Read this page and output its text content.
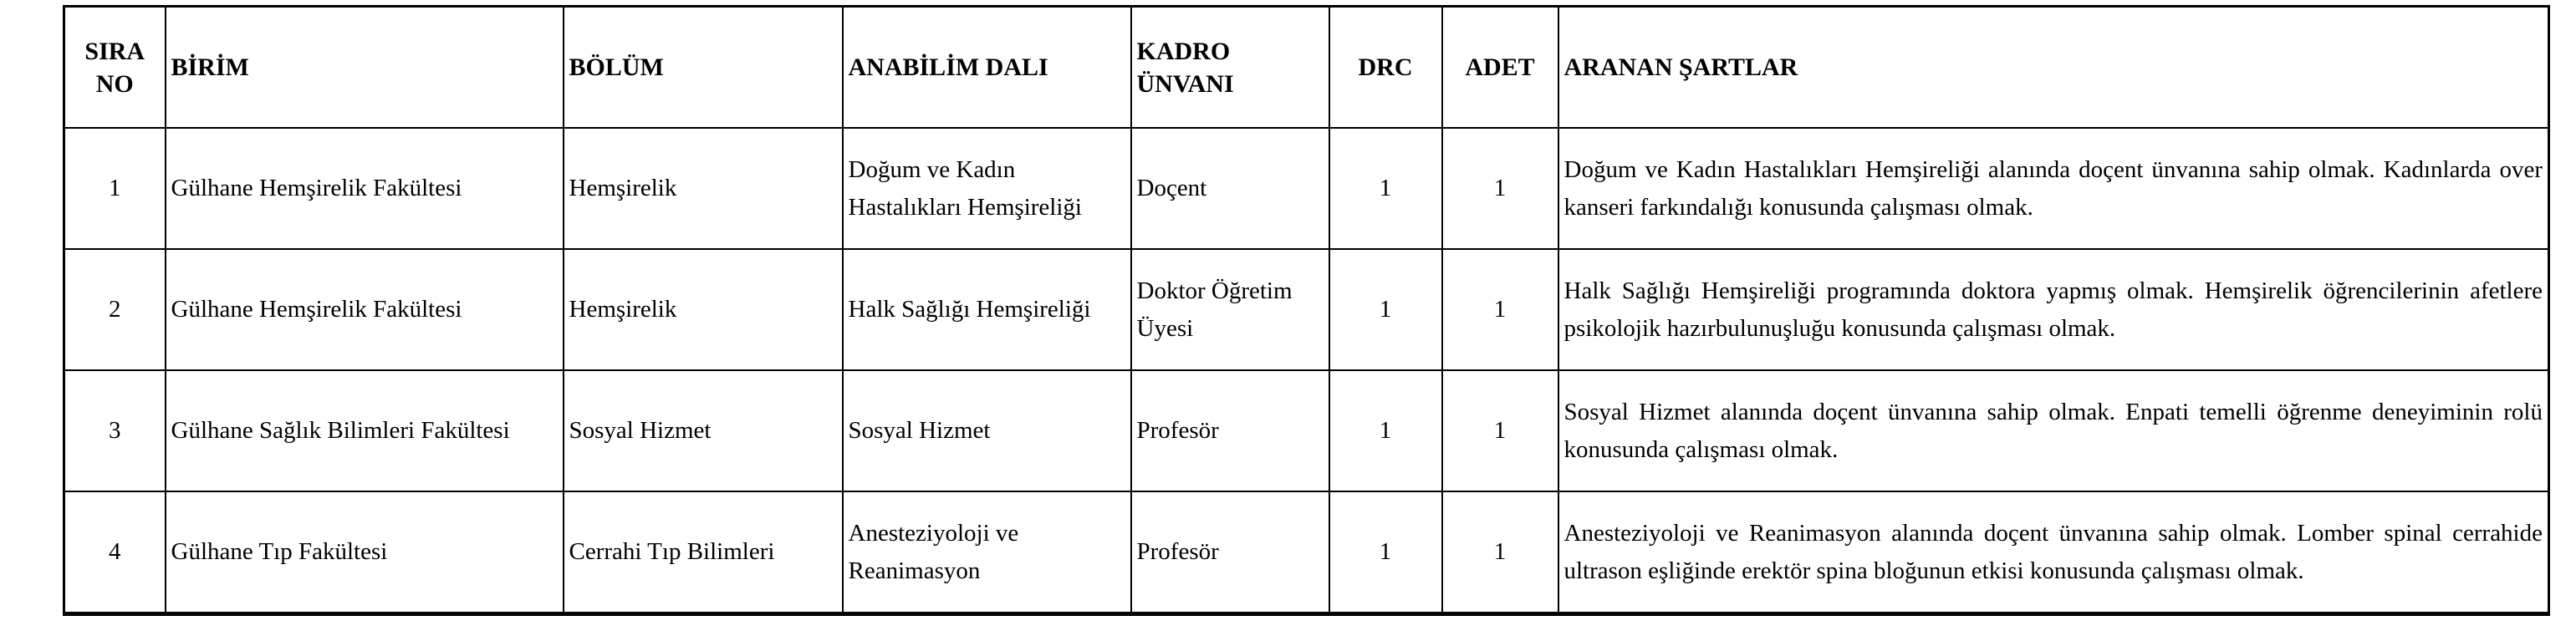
SIRA NO	BİRİM	BÖLÜM	ANABİLİM DALI	KADRO ÜNVANI	DRC	ADET	ARANAN ŞARTLAR
1	Gülhane Hemşirelik Fakültesi	Hemşirelik	Doğum ve Kadın Hastalıkları Hemşireliği	Doçent	1	1	Doğum ve Kadın Hastalıkları Hemşireliği alanında doçent ünvanına sahip olmak. Kadınlarda over kanseri farkındalığı konusunda çalışması olmak.
2	Gülhane Hemşirelik Fakültesi	Hemşirelik	Halk Sağlığı Hemşireliği	Doktor Öğretim Üyesi	1	1	Halk Sağlığı Hemşireliği programında doktora yapmış olmak. Hemşirelik öğrencilerinin afetlere psikolojik hazırbulunuşluğu konusunda çalışması olmak.
3	Gülhane Sağlık Bilimleri Fakültesi	Sosyal Hizmet	Sosyal Hizmet	Profesör	1	1	Sosyal Hizmet alanında doçent ünvanına sahip olmak. Enpati temelli öğrenme deneyiminin rolü konusunda çalışması olmak.
4	Gülhane Tıp Fakültesi	Cerrahi Tıp Bilimleri	Anesteziyoloji ve Reanimasyon	Profesör	1	1	Anesteziyoloji ve Reanimasyon alanında doçent ünvanına sahip olmak. Lomber spinal cerrahide ultrason eşliğinde erektör spina bloğunun etkisi konusunda çalışması olmak.
